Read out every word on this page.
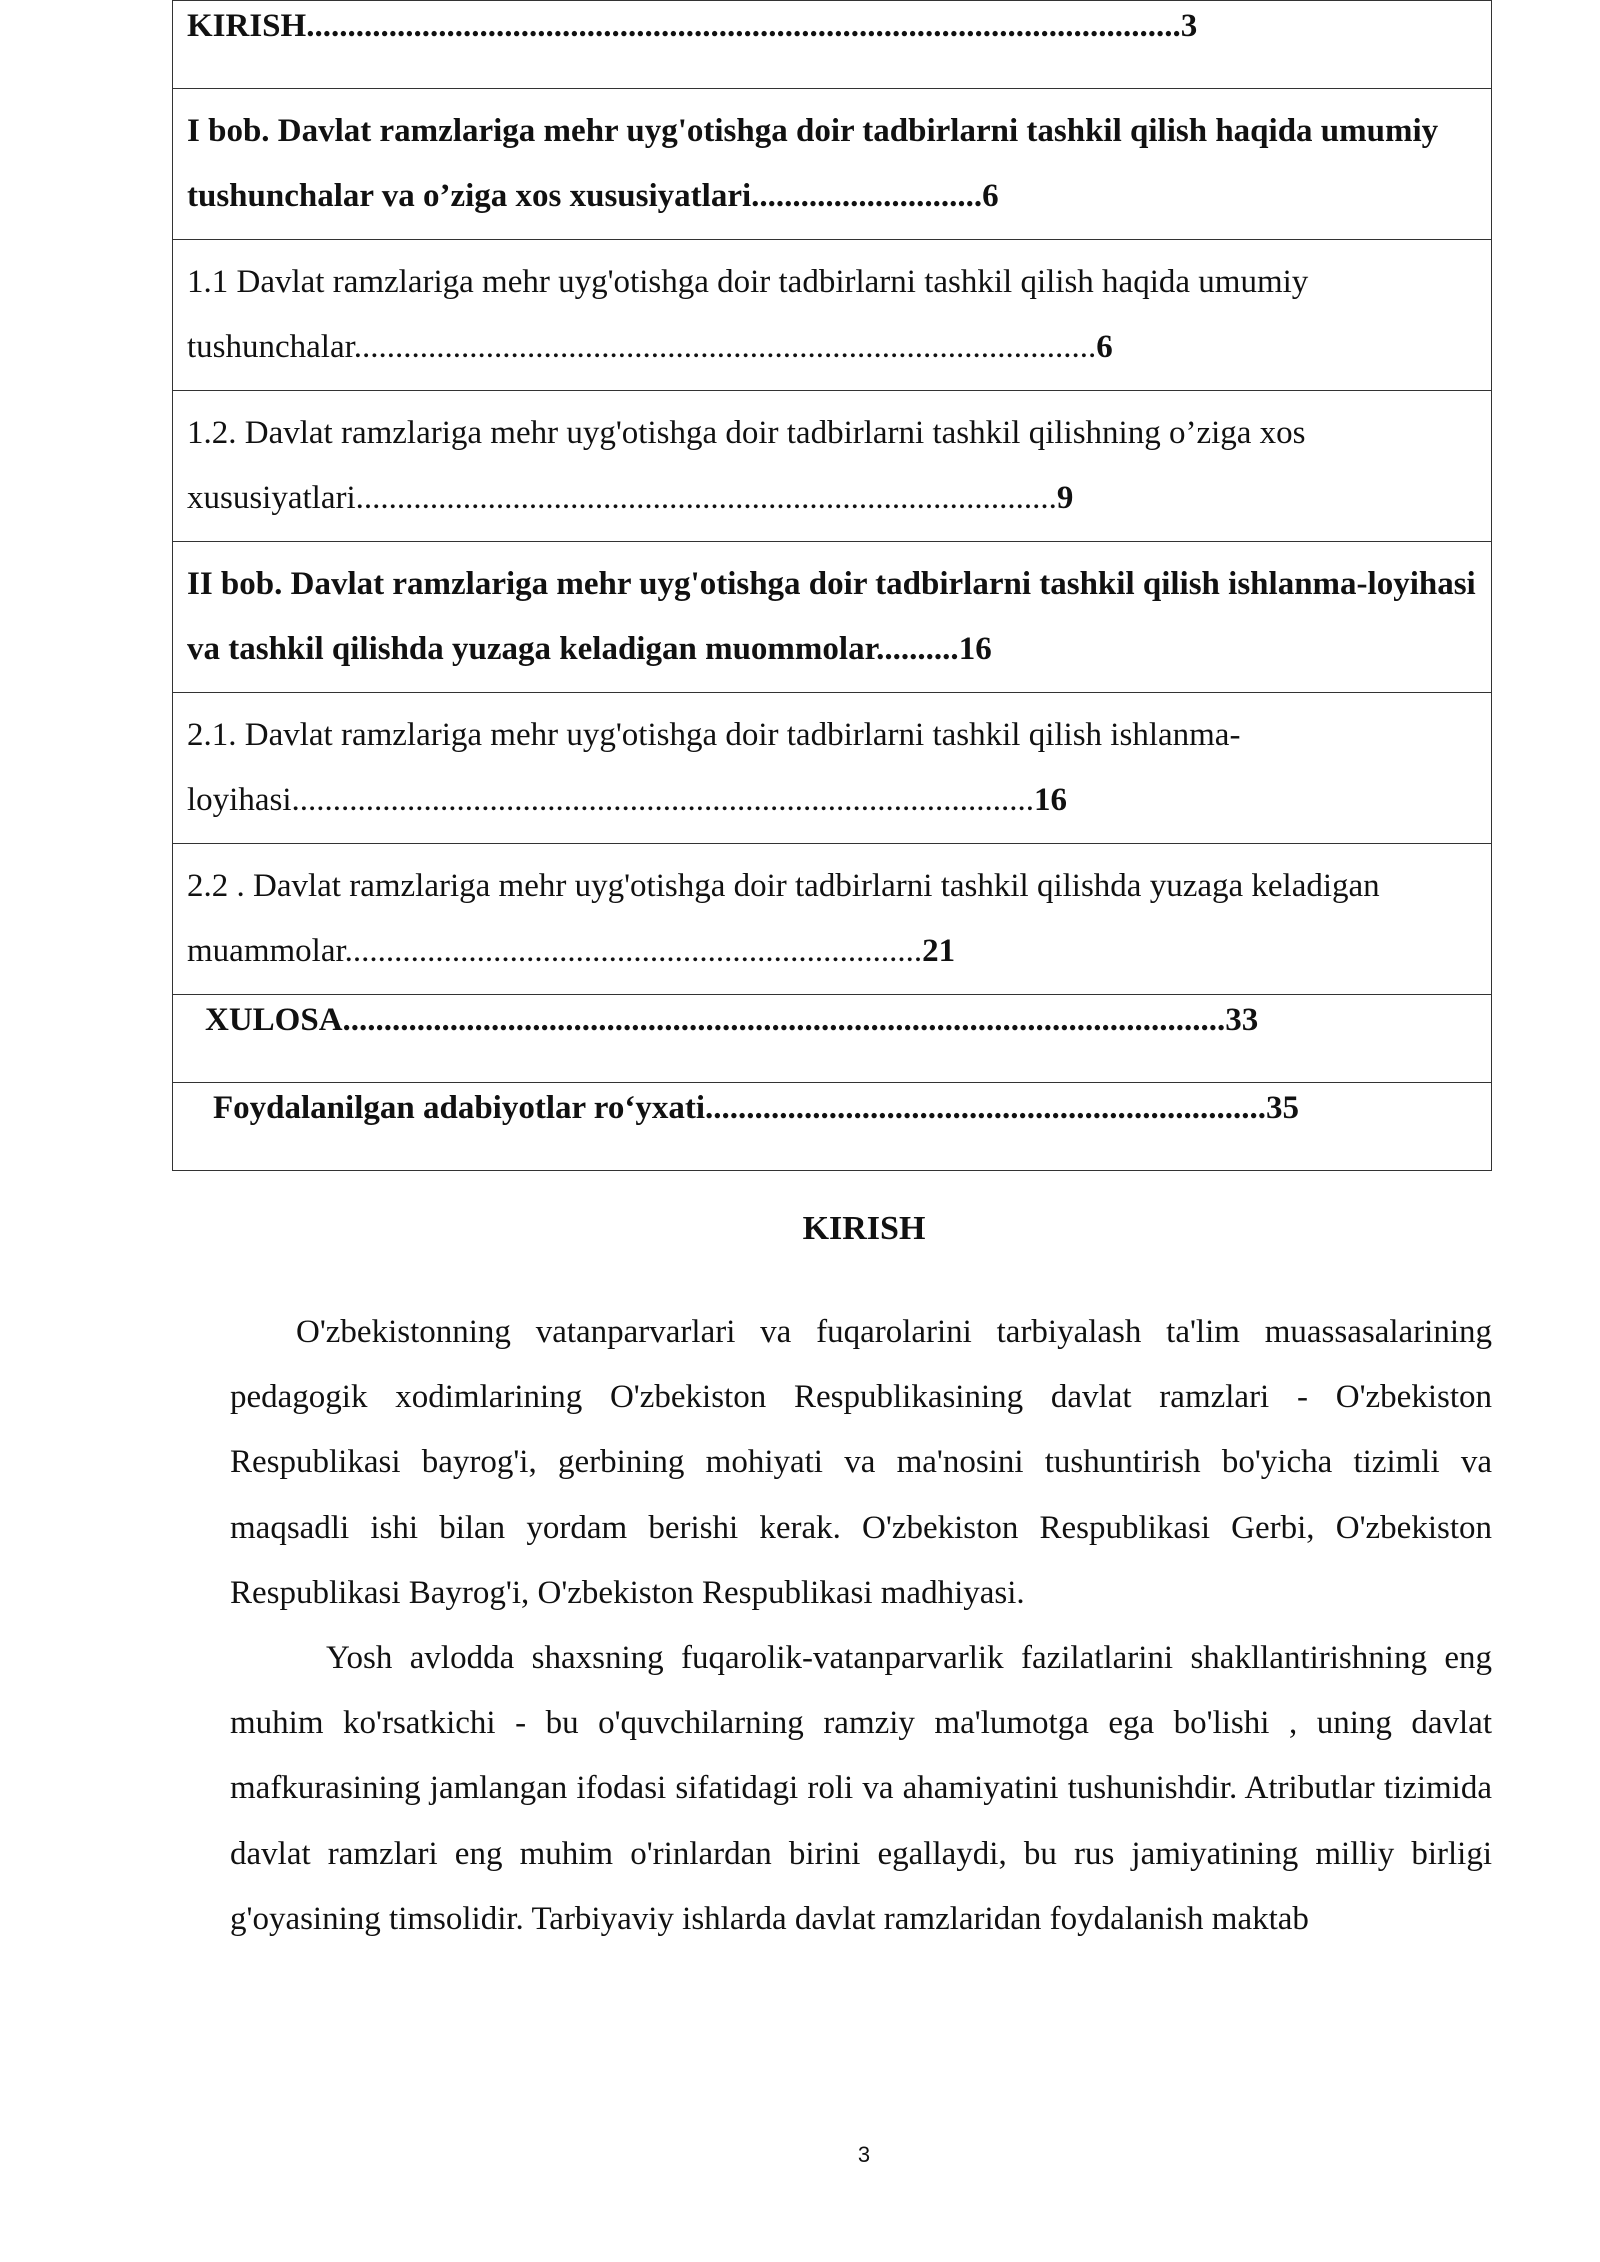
KIRISH..........................................................................................................3
I bob. Davlat ramzlariga mehr uyg'otishga doir tadbirlarni tashkil qilish haqida umumiy tushunchalar va o’ziga xos xususiyatlari............................6
1.1 Davlat ramzlariga mehr uyg'otishga doir tadbirlarni tashkil qilish haqida umumiy tushunchalar..........................................................................................6
1.2. Davlat ramzlariga mehr uyg'otishga doir tadbirlarni tashkil qilishning o’ziga xos xususiyatlari.....................................................................................9
II bob. Davlat ramzlariga mehr uyg'otishga doir tadbirlarni tashkil qilish ishlanma-loyihasi va tashkil qilishda yuzaga keladigan muommolar..........16
2.1. Davlat ramzlariga mehr uyg'otishga doir tadbirlarni tashkil qilish ishlanma-loyihasi..........................................................................................16
2.2 . Davlat ramzlariga mehr uyg'otishga doir tadbirlarni tashkil qilishda yuzaga keladigan muammolar......................................................................21
XULOSA...........................................................................................................33
Foydalanilgan adabiyotlar ro‘yxati....................................................................35
KIRISH

O'zbekistonning vatanparvarlari va fuqarolarini tarbiyalash ta'lim muassasalarining pedagogik xodimlarining O'zbekiston Respublikasining davlat ramzlari - O'zbekiston Respublikasi bayrog'i, gerbining mohiyati va ma'nosini tushuntirish bo'yicha tizimli va maqsadli ishi bilan yordam berishi kerak. O'zbekiston Respublikasi Gerbi, O'zbekiston Respublikasi Bayrog'i, O'zbekiston Respublikasi madhiyasi.

Yosh avlodda shaxsning fuqarolik-vatanparvarlik fazilatlarini shakllantirishning eng muhim ko'rsatkichi - bu o'quvchilarning ramziy ma'lumotga ega bo'lishi , uning davlat mafkurasining jamlangan ifodasi sifatidagi roli va ahamiyatini tushunishdir. Atributlar tizimida davlat ramzlari eng muhim o'rinlardan birini egallaydi, bu rus jamiyatining milliy birligi g'oyasining timsolidir. Tarbiyaviy ishlarda davlat ramzlaridan foydalanish maktab

3
